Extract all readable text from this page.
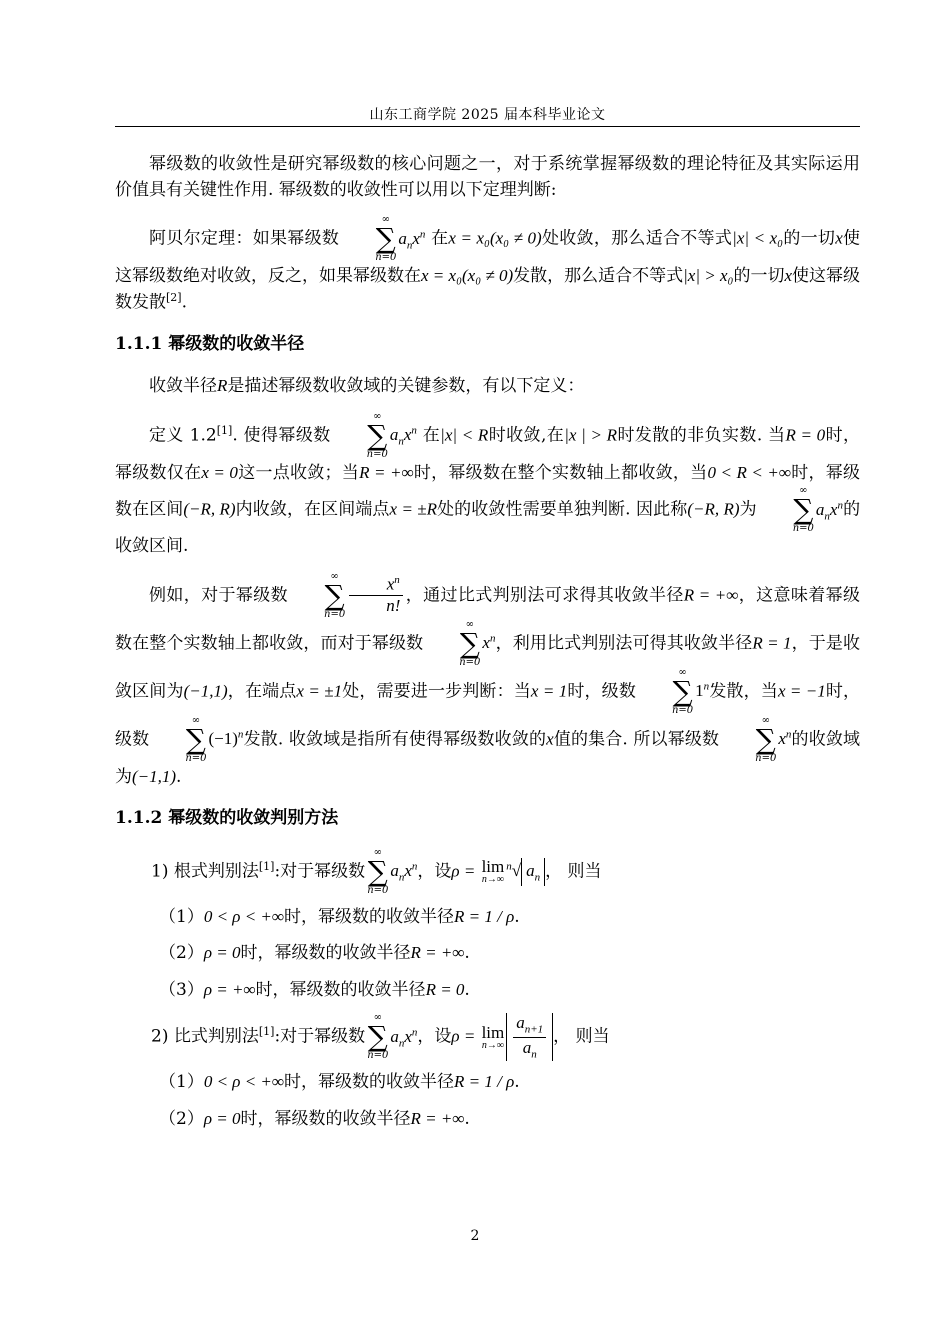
山东工商学院 2025 届本科毕业论文

幂级数的收敛性是研究幂级数的核心问题之一，对于系统掌握幂级数的理论特征及其实际运用价值具有关键性作用. 幂级数的收敛性可以用以下定理判断:

阿贝尔定理：如果幂级数
∞
∑
n=0
$a_nx^n$ 在x = x₀(x₀ ≠ 0)处收敛，那么适合不等式|x| < x₀的一切x使这幂级数绝对收敛，反之，如果幂级数在x = x₀(x₀ ≠ 0)发散，那么适合不等式|x| > x₀的一切x使这幂级数发散[2].

1.1.1 幂级数的收敛半径

收敛半径R是描述幂级数收敛域的关键参数，有以下定义：

定义 1.2[1]. 使得幂级数
∞
∑
n=0
$a_nx^n$ 在|x| < R时收敛,在|x | > R时发散的非负实数. 当R = 0时，幂级数仅在x = 0这一点收敛；当R = +∞时，幂级数在整个实数轴上都收敛，当0 < R < +∞时，幂级数在区间(−R, R)内收敛，在区间端点x = ±R处的收敛性需要单独判断. 因此称(−R, R)为
∞
∑
n=0
$a_nx^n$的收敛区间.

例如，对于幂级数
∞
∑
$n=0 \frac{x^n}{n!}$ ，通过比式判别法可求得其收敛半径R = +∞，这意味着幂级数在整个实数轴上都收敛，而对于幂级数
∞
∑
n=0
$x^n$，利用比式判别法可得其收敛半径R = 1，于是收敛区间为(−1,1)，在端点x = ±1处，需要进一步判断：当x = 1时，级数
∞
∑
n=0
1$^n$发散，当x = −1时，级数
∞
∑
n=0
$(-1)^n$发散. 收敛域是指所有使得幂级数收敛的x值的集合. 所以幂级数
∞
∑
n=0
$x^n$的收敛域为(−1,1).

1.1.2 幂级数的收敛判别方法
1) 根式判别法[1]:对于幂级数
∞
∑
n=0
$a_nx^n$，设ρ = lim
n→∞
$^n$√ $a_n$ ， 则当
（1）0 < ρ < +∞时，幂级数的收敛半径R = 1 / ρ.
（2）ρ = 0时，幂级数的收敛半径R = +∞.
（3）ρ = +∞时，幂级数的收敛半径R = 0.
2) 比式判别法[1]:对于幂级数
∞
∑
n=0
$a_nx^n$，设ρ = lim
$n\to\infty \frac{a_{n+1}}{a_n}$ ， 则当
（1）0 < ρ < +∞时，幂级数的收敛半径R = 1 / ρ.
（2）ρ = 0时，幂级数的收敛半径R = +∞.
2
